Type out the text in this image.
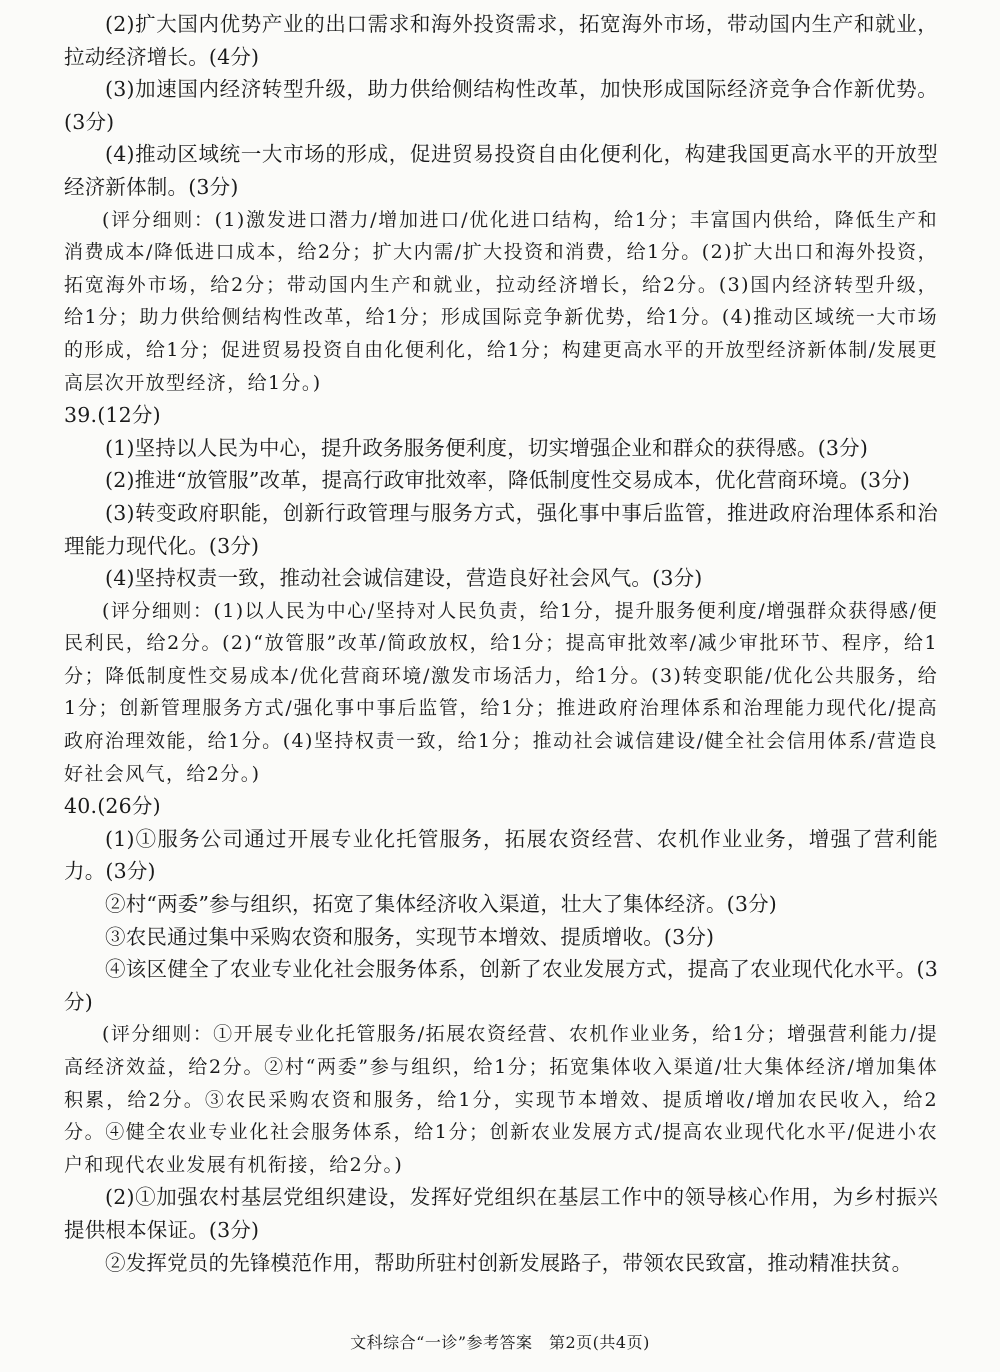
(2)扩大国内优势产业的出口需求和海外投资需求，拓宽海外市场，带动国内生产和就业，拉动经济增长。(4分)

(3)加速国内经济转型升级，助力供给侧结构性改革，加快形成国际经济竞争合作新优势。(3分)

(4)推动区域统一大市场的形成，促进贸易投资自由化便利化，构建我国更高水平的开放型经济新体制。(3分)

(评分细则：(1)激发进口潜力/增加进口/优化进口结构，给1分；丰富国内供给，降低生产和消费成本/降低进口成本，给2分；扩大内需/扩大投资和消费，给1分。(2)扩大出口和海外投资，拓宽海外市场，给2分；带动国内生产和就业，拉动经济增长，给2分。(3)国内经济转型升级，给1分；助力供给侧结构性改革，给1分；形成国际竞争新优势，给1分。(4)推动区域统一大市场的形成，给1分；促进贸易投资自由化便利化，给1分；构建更高水平的开放型经济新体制/发展更高层次开放型经济，给1分。)

39.(12分)

(1)坚持以人民为中心，提升政务服务便利度，切实增强企业和群众的获得感。(3分)

(2)推进“放管服”改革，提高行政审批效率，降低制度性交易成本，优化营商环境。(3分)

(3)转变政府职能，创新行政管理与服务方式，强化事中事后监管，推进政府治理体系和治理能力现代化。(3分)

(4)坚持权责一致，推动社会诚信建设，营造良好社会风气。(3分)

(评分细则：(1)以人民为中心/坚持对人民负责，给1分，提升服务便利度/增强群众获得感/便民利民，给2分。(2)“放管服”改革/简政放权，给1分；提高审批效率/减少审批环节、程序，给1分；降低制度性交易成本/优化营商环境/激发市场活力，给1分。(3)转变职能/优化公共服务，给1分；创新管理服务方式/强化事中事后监管，给1分；推进政府治理体系和治理能力现代化/提高政府治理效能，给1分。(4)坚持权责一致，给1分；推动社会诚信建设/健全社会信用体系/营造良好社会风气，给2分。)

40.(26分)

(1)①服务公司通过开展专业化托管服务，拓展农资经营、农机作业业务，增强了营利能力。(3分)

②村“两委”参与组织，拓宽了集体经济收入渠道，壮大了集体经济。(3分)

③农民通过集中采购农资和服务，实现节本增效、提质增收。(3分)

④该区健全了农业专业化社会服务体系，创新了农业发展方式，提高了农业现代化水平。(3分)

(评分细则：①开展专业化托管服务/拓展农资经营、农机作业业务，给1分；增强营利能力/提高经济效益，给2分。②村“两委”参与组织，给1分；拓宽集体收入渠道/壮大集体经济/增加集体积累，给2分。③农民采购农资和服务，给1分，实现节本增效、提质增收/增加农民收入，给2分。④健全农业专业化社会服务体系，给1分；创新农业发展方式/提高农业现代化水平/促进小农户和现代农业发展有机衔接，给2分。)

(2)①加强农村基层党组织建设，发挥好党组织在基层工作中的领导核心作用，为乡村振兴提供根本保证。(3分)

②发挥党员的先锋模范作用，帮助所驻村创新发展路子，带领农民致富，推动精准扶贫。

文科综合“一诊”参考答案　第2页(共4页)
